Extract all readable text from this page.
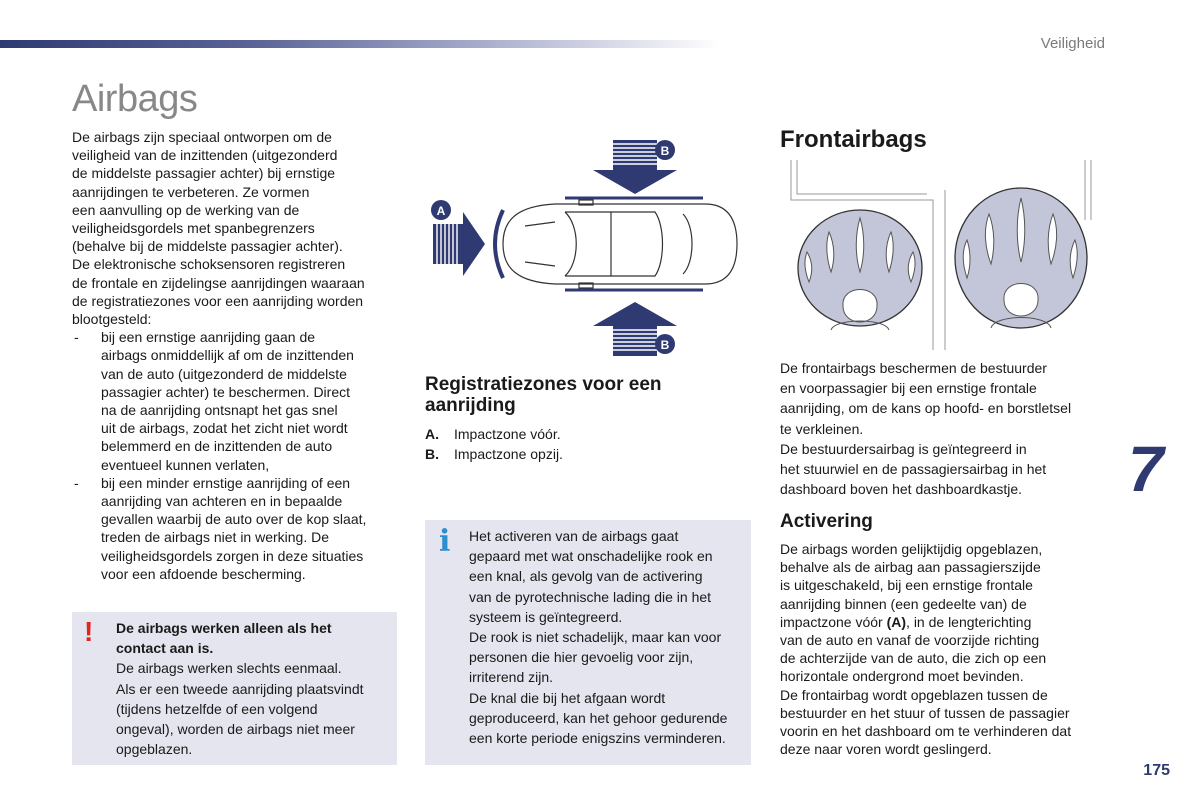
Veiligheid
Airbags

De airbags zijn speciaal ontworpen om de

veiligheid van de inzittenden (uitgezonderd

de middelste passagier achter) bij ernstige

aanrijdingen te verbeteren. Ze vormen

een aanvulling op de werking van de

veiligheidsgordels met spanbegrenzers

(behalve bij de middelste passagier achter).

De elektronische schoksensoren registreren

de frontale en zijdelingse aanrijdingen waaraan

de registratiezones voor een aanrijding worden

blootgesteld:

- bij een ernstige aanrijding gaan de

airbags onmiddellijk af om de inzittenden

van de auto (uitgezonderd de middelste

passagier achter) te beschermen. Direct

na de aanrijding ontsnapt het gas snel

uit de airbags, zodat het zicht niet wordt

belemmerd en de inzittenden de auto

eventueel kunnen verlaten,

- bij een minder ernstige aanrijding of een

aanrijding van achteren en in bepaalde

gevallen waarbij de auto over de kop slaat,

treden de airbags niet in werking. De

veiligheidsgordels zorgen in deze situaties

voor een afdoende bescherming.

! De airbags werken alleen als het

contact aan is.

De airbags werken slechts eenmaal.

Als er een tweede aanrijding plaatsvindt

(tijdens hetzelfde of een volgend

ongeval), worden de airbags niet meer

opgeblazen.

B
A
B
Registratiezones voor een
aanrijding
A.	Impactzone vóór.
B.	Impactzone opzij.
i Het activeren van de airbags gaat

gepaard met wat onschadelijke rook en

een knal, als gevolg van de activering

van de pyrotechnische lading die in het

systeem is geïntegreerd.

De rook is niet schadelijk, maar kan voor

personen die hier gevoelig voor zijn,

irriterend zijn.

De knal die bij het afgaan wordt

geproduceerd, kan het gehoor gedurende

een korte periode enigszins verminderen.

Frontairbags

De frontairbags beschermen de bestuurder

en voorpassagier bij een ernstige frontale

aanrijding, om de kans op hoofd- en borstletsel

te verkleinen.

De bestuurdersairbag is geïntegreerd in

het stuurwiel en de passagiersairbag in het

dashboard boven het dashboardkastje.	7
Activering

De airbags worden gelijktijdig opgeblazen,

behalve als de airbag aan passagierszijde

is uitgeschakeld, bij een ernstige frontale

aanrijding binnen (een gedeelte van) de

impactzone vóór (A), in de lengterichting

van de auto en vanaf de voorzijde richting

de achterzijde van de auto, die zich op een

horizontale ondergrond moet bevinden.

De frontairbag wordt opgeblazen tussen de

bestuurder en het stuur of tussen de passagier

voorin en het dashboard om te verhinderen dat

deze naar voren wordt geslingerd.

175
